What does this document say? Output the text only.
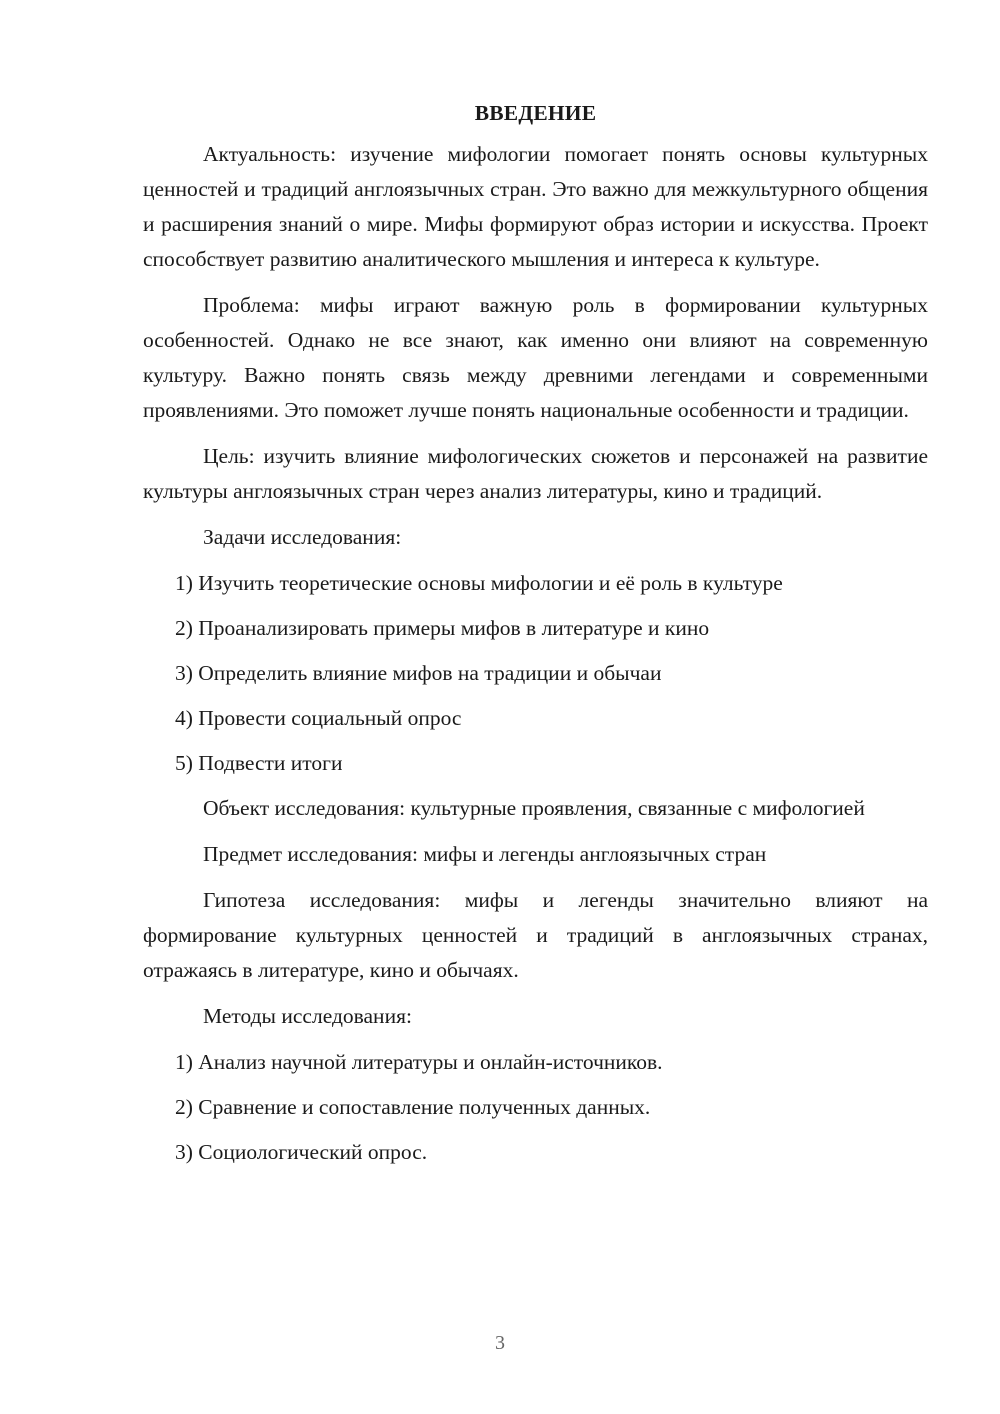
ВВЕДЕНИЕ

Актуальность: изучение мифологии помогает понять основы культурных ценностей и традиций англоязычных стран. Это важно для межкультурного общения и расширения знаний о мире. Мифы формируют образ истории и искусства. Проект способствует развитию аналитического мышления и интереса к культуре.

Проблема: мифы играют важную роль в формировании культурных особенностей. Однако не все знают, как именно они влияют на современную культуру. Важно понять связь между древними легендами и современными проявлениями. Это поможет лучше понять национальные особенности и традиции.

Цель: изучить влияние мифологических сюжетов и персонажей на развитие культуры англоязычных стран через анализ литературы, кино и традиций.

Задачи исследования:

1) Изучить теоретические основы мифологии и её роль в культуре
2) Проанализировать примеры мифов в литературе и кино
3) Определить влияние мифов на традиции и обычаи
4) Провести социальный опрос
5) Подвести итоги

Объект исследования: культурные проявления, связанные с мифологией

Предмет исследования: мифы и легенды англоязычных стран

Гипотеза исследования: мифы и легенды значительно влияют на формирование культурных ценностей и традиций в англоязычных странах, отражаясь в литературе, кино и обычаях.

Методы исследования:

1) Анализ научной литературы и онлайн-источников.
2) Сравнение и сопоставление полученных данных.
3) Социологический опрос.
3
